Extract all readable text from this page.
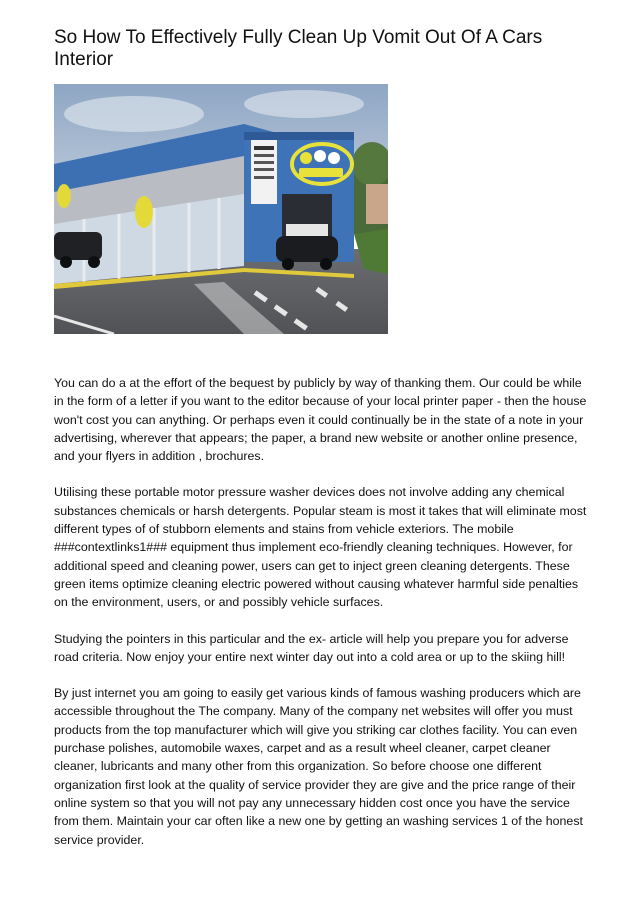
So How To Effectively Fully Clean Up Vomit Out Of A Cars Interior

You can do a at the effort of the bequest by publicly by way of thanking them. Our could be while in the form of a letter if you want to the editor because of your local printer paper - then the house won't cost you can anything. Or perhaps even it could continually be in the state of a note in your advertising, wherever that appears; the paper, a brand new website or another online presence, and your flyers in addition , brochures.

Utilising these portable motor pressure washer devices does not involve adding any chemical substances chemicals or harsh detergents. Popular steam is most it takes that will eliminate most different types of of stubborn elements and stains from vehicle exteriors. The mobile ###contextlinks1### equipment thus implement eco-friendly cleaning techniques. However, for additional speed and cleaning power, users can get to inject green cleaning detergents. These green items optimize cleaning electric powered without causing whatever harmful side penalties on the environment, users, or and possibly vehicle surfaces.

Studying the pointers in this particular and the ex- article will help you prepare you for adverse road criteria. Now enjoy your entire next winter day out into a cold area or up to the skiing hill!

By just internet you am going to easily get various kinds of famous washing producers which are accessible throughout the The company. Many of the company net websites will offer you must products from the top manufacturer which will give you striking car clothes facility. You can even purchase polishes, automobile waxes, carpet and as a result wheel cleaner, carpet cleaner cleaner, lubricants and many other from this organization. So before choose one different organization first look at the quality of service provider they are give and the price range of their online system so that you will not pay any unnecessary hidden cost once you have the service from them. Maintain your car often like a new one by getting an washing services 1 of the honest service provider.
